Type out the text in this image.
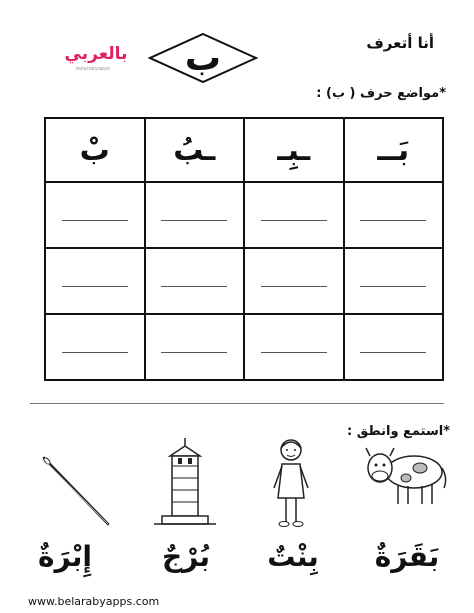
بالعربي
belarabyapps	ب	أنا أتعرف
*مواضع حرف ( ب) :
بَــ	ـبِـ	ـبُ	بْ

*استمع وانطق :
إِبْرَةٌ	بُرْجٌ	بِنْتٌ	بَقَرَةٌ
www.belarabyapps.com
